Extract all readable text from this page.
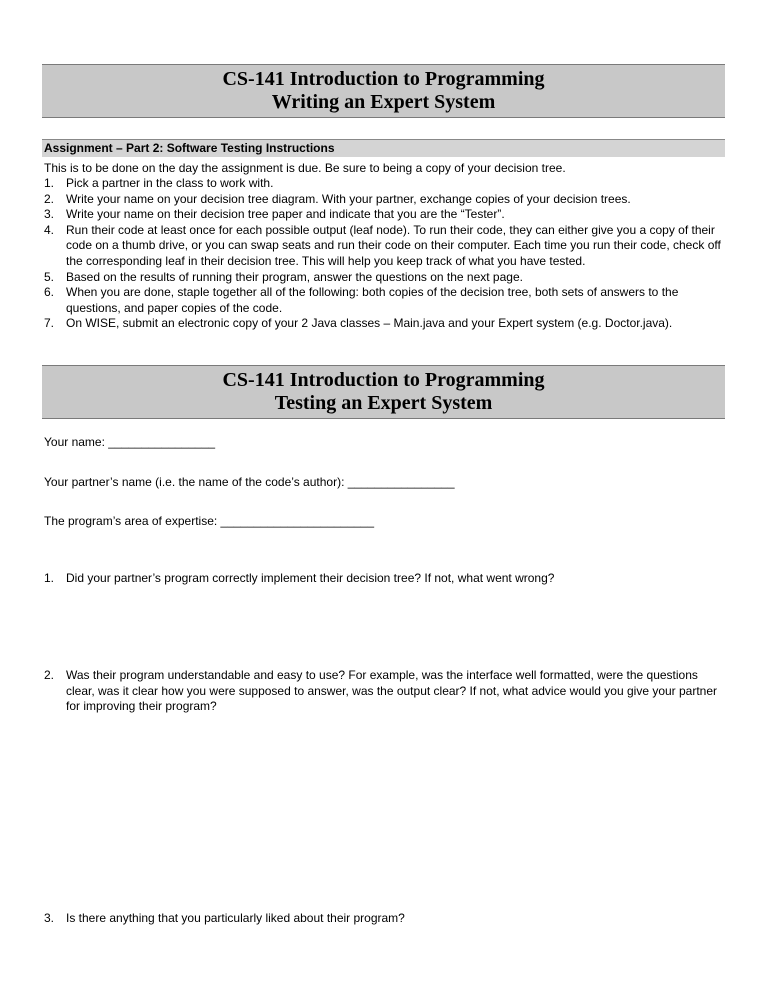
CS-141 Introduction to Programming
Writing an Expert System
Assignment – Part 2: Software Testing Instructions
This is to be done on the day the assignment is due. Be sure to being a copy of your decision tree.
1. Pick a partner in the class to work with.
2. Write your name on your decision tree diagram. With your partner, exchange copies of your decision trees.
3. Write your name on their decision tree paper and indicate that you are the “Tester”.
4. Run their code at least once for each possible output (leaf node). To run their code, they can either give you a copy of their code on a thumb drive, or you can swap seats and run their code on their computer. Each time you run their code, check off the corresponding leaf in their decision tree. This will help you keep track of what you have tested.
5. Based on the results of running their program, answer the questions on the next page.
6. When you are done, staple together all of the following: both copies of the decision tree, both sets of answers to the questions, and paper copies of the code.
7. On WISE, submit an electronic copy of your 2 Java classes – Main.java and your Expert system (e.g. Doctor.java).
CS-141 Introduction to Programming
Testing an Expert System
Your name: ________________
Your partner’s name (i.e. the name of the code’s author): ________________
The program’s area of expertise: _______________________
1. Did your partner’s program correctly implement their decision tree? If not, what went wrong?
2. Was their program understandable and easy to use? For example, was the interface well formatted, were the questions clear, was it clear how you were supposed to answer, was the output clear? If not, what advice would you give your partner for improving their program?
3. Is there anything that you particularly liked about their program?
